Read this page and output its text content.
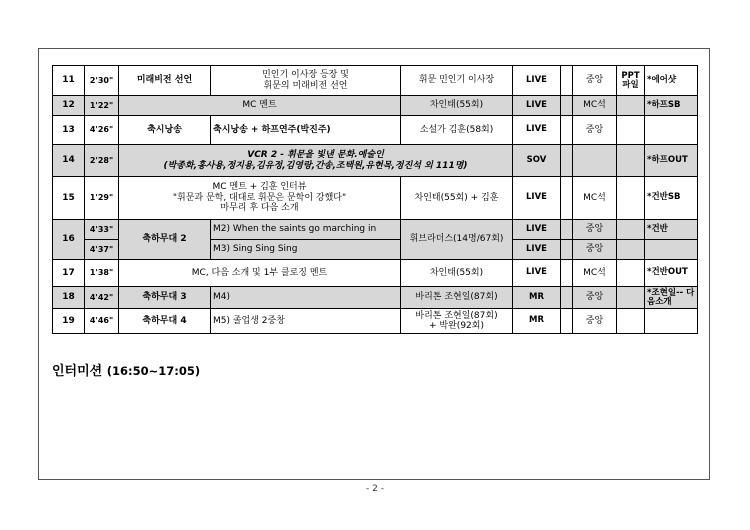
11	2'30"	미래비전 선언	민인기 이사장 등장 및
휘문의 미래비전 선언	휘문 민인기 이사장	LIVE		중앙	PPT
파일	*에어샷
12	1'22"	MC 멘트		차인태(55회)	LIVE		MC석		*하프SB
13	4'26"	축시낭송	축시낭송 + 하프연주(박진주)	소설가 김훈(58회)	LIVE		중앙		
14	2'28"	VCR 2 - 휘문을 빛낸 문화.예술인
(박종화,홍사용,정지용,김유정,김영랑,간송,조택원,유현목,정진석 외 111명)			SOV				*하프OUT
15	1'29"	MC 멘트 + 김훈 인터뷰
"휘문과 문학, 대대로 휘문은 문학이 강했다"
마무리 후 다음 소개		차인태(55회) + 김훈	LIVE		MC석		*건반SB
16	4'33"	축하무대 2	M2) When the saints go marching in	휘브라더스(14명/67회)	LIVE		중앙		*건반
	4'37"		M3) Sing Sing Sing		LIVE		중앙		
17	1'38"	MC, 다음 소개 및 1부 클로징 멘트		차인태(55회)	LIVE		MC석		*건반OUT
18	4'42"	축하무대 3	M4)	바리톤 조현일(87회)	MR		중앙		*조현일-- 다음소개
19	4'46"	축하무대 4	M5) 졸업생 2중창	바리톤 조현일(87회)
+ 박완(92회)	MR		중앙		
인터미션 (16:50~17:05)
- 2 -
